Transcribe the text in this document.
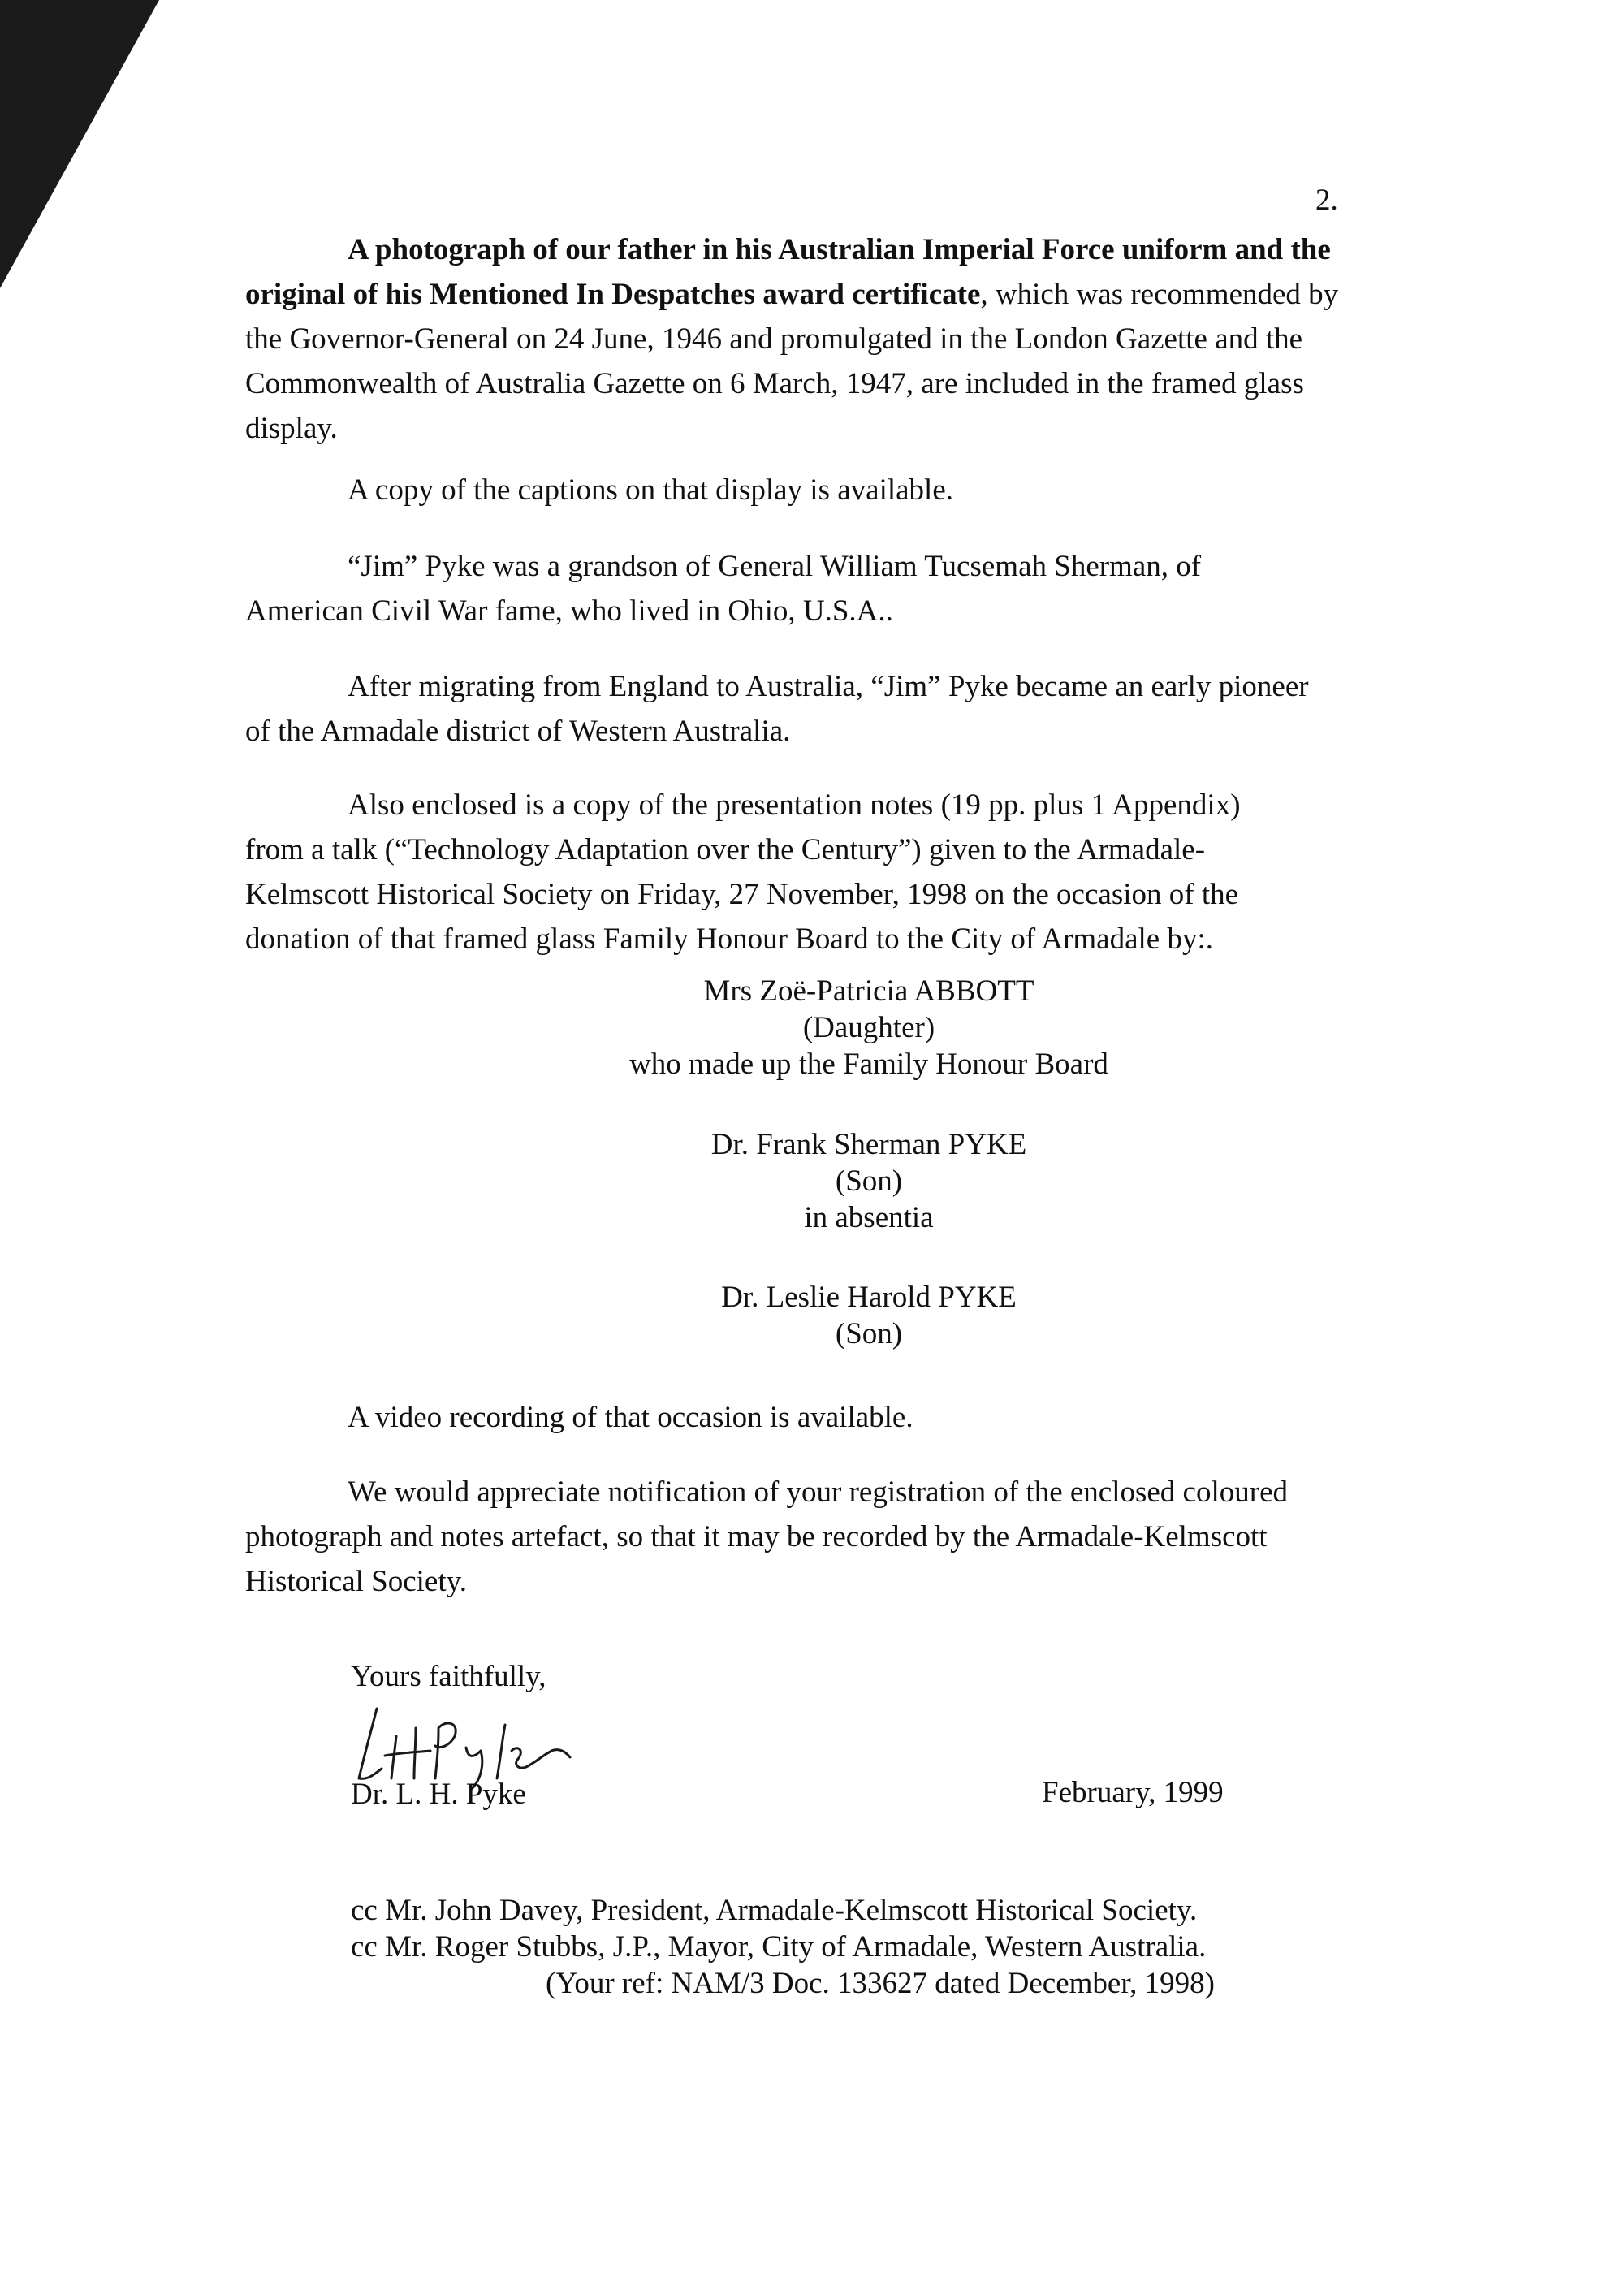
2.

A photograph of our father in his Australian Imperial Force uniform and the original of his Mentioned In Despatches award certificate, which was recommended by the Governor-General on 24 June, 1946 and promulgated in the London Gazette and the Commonwealth of Australia Gazette on 6 March, 1947, are included in the framed glass display.

A copy of the captions on that display is available.

“Jim” Pyke was a grandson of General William Tucsemah Sherman, of
American Civil War fame, who lived in Ohio, U.S.A..

After migrating from England to Australia, “Jim” Pyke became an early pioneer
of the Armadale district of Western Australia.

Also enclosed is a copy of the presentation notes (19 pp. plus 1 Appendix)
from a talk (“Technology Adaptation over the Century”) given to the Armadale-
Kelmscott Historical Society on Friday, 27 November, 1998 on the occasion of the
donation of that framed glass Family Honour Board to the City of Armadale by:.

Mrs Zoë-Patricia ABBOTT
(Daughter)
who made up the Family Honour Board
Dr. Frank Sherman PYKE
(Son)
in absentia
Dr. Leslie Harold PYKE
(Son)

A video recording of that occasion is available.

We would appreciate notification of your registration of the enclosed coloured
photograph and notes artefact, so that it may be recorded by the Armadale-Kelmscott
Historical Society.

Yours faithfully,
Dr. L. H. Pyke	February, 1999
cc Mr. John Davey, President, Armadale-Kelmscott Historical Society.
cc Mr. Roger Stubbs, J.P., Mayor, City of Armadale, Western Australia.
(Your ref: NAM/3 Doc. 133627 dated December, 1998)
